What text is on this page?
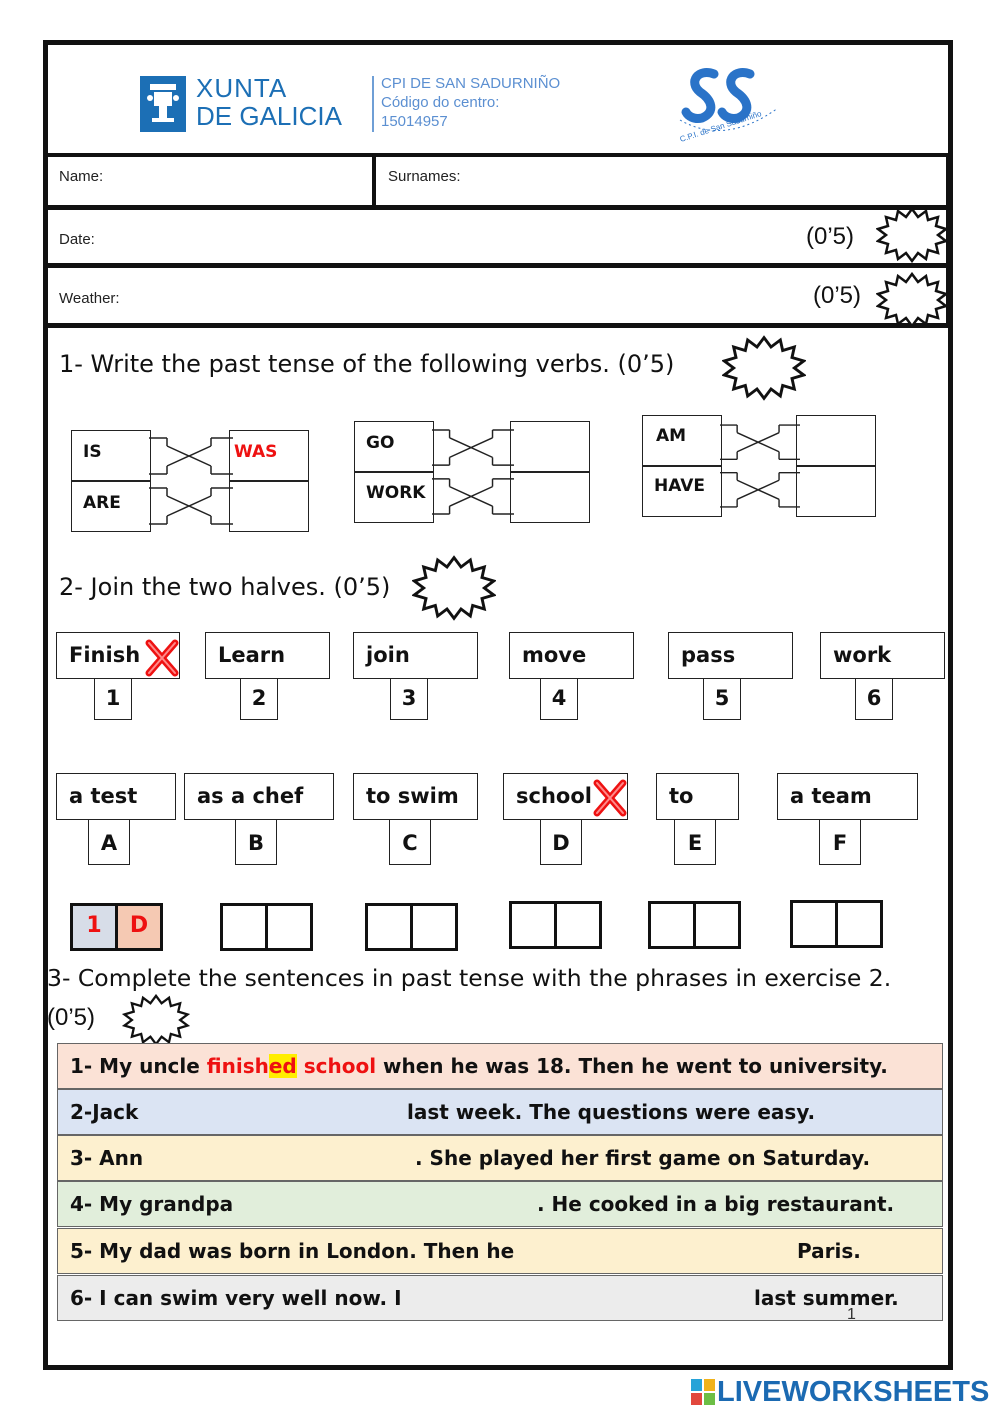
XUNTA
DE GALICIA
CPI DE SAN SADURNIÑO
Código do centro:
15014957	C.P.I. de San Sadurniño
Name:	Surnames:
Date:	(0’5)
Weather:	(0’5)
1- Write the past tense of the following verbs. (0’5)
IS
ARE
WAS	GO
WORK
AM
HAVE
2- Join the two halves. (0’5)
Finish
1
Learn
2
join
3
move
4
pass
5
work
6
a test
A
as a chef
B
to swim
C
school
D
to
E
a team
F
1	D
3- Complete the sentences in past tense with the phrases in exercise 2.
(0’5)
1- My uncle finished school when he was 18. Then he went to university.
2-Jack	last week. The questions were easy.
3- Ann	. She played her first game on Saturday.
4- My grandpa	. He cooked in a big restaurant.
5- My dad was born in London. Then he	Paris.
6- I can swim very well now. I	last summer.
1
LIVEWORKSHEETS
